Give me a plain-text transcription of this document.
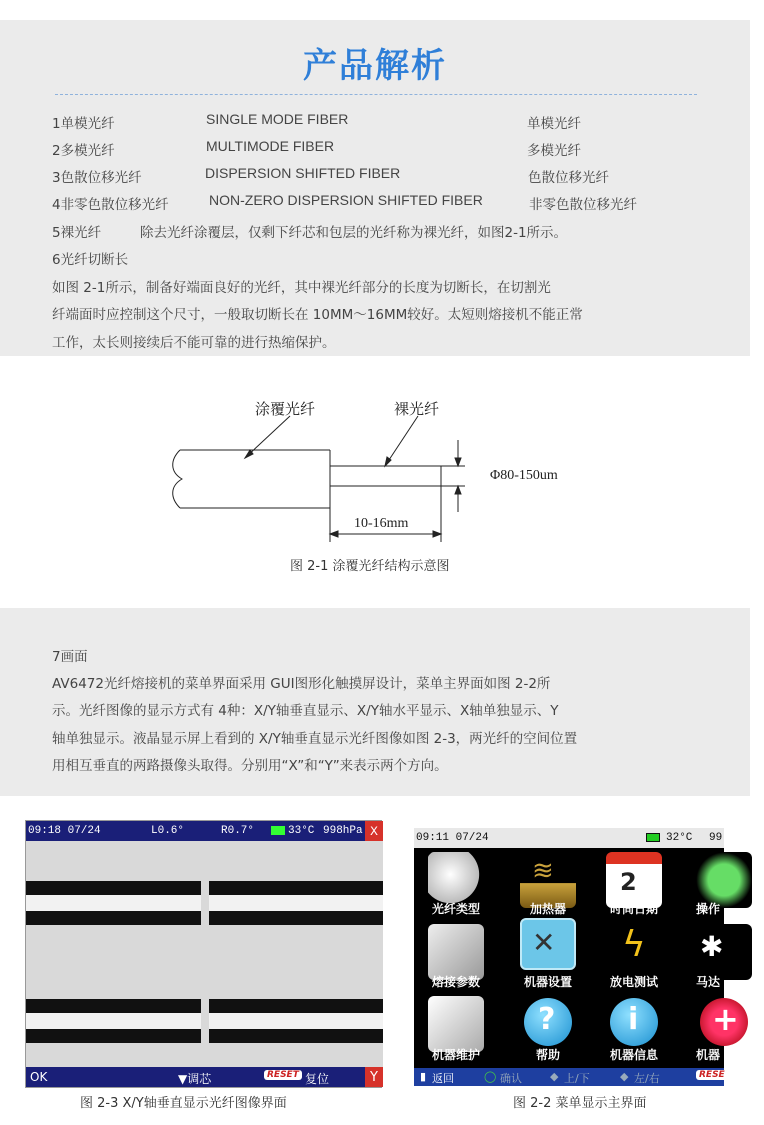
产品解析
1单模光纤	SINGLE MODE FIBER	单模光纤
2多模光纤	MULTIMODE FIBER	多模光纤
3色散位移光纤	DISPERSION SHIFTED FIBER	色散位移光纤
4非零色散位移光纤	NON-ZERO DISPERSION SHIFTED FIBER	非零色散位移光纤
5裸光纤	除去光纤涂覆层，仅剩下纤芯和包层的光纤称为裸光纤，如图2-1所示。
6光纤切断长
如图 2-1所示，制备好端面良好的光纤，其中裸光纤部分的长度为切断长，在切割光
纤端面时应控制这个尺寸，一般取切断长在 10MM～16MM较好。太短则熔接机不能正常
工作，太长则接续后不能可靠的进行热缩保护。
涂覆光纤	裸光纤
Φ80-150um
10-16mm
图 2-1 涂覆光纤结构示意图
7画面
AV6472光纤熔接机的菜单界面采用 GUI图形化触摸屏设计，菜单主界面如图 2-2所
示。光纤图像的显示方式有 4种：X/Y轴垂直显示、X/Y轴水平显示、X轴单独显示、Y
轴单独显示。液晶显示屏上看到的 X/Y轴垂直显示光纤图像如图 2-3，两光纤的空间位置
用相互垂直的两路摄像头取得。分别用“X”和“Y”来表示两个方向。
09:18 07/24	L0.6°	R0.7°	33°C 998hPa X
OK	▼调芯	RESET 复位	Y
图 2-3 X/Y轴垂直显示光纤图像界面
09:11 07/24	32°C 99
光纤类型
≋
加热器
2
时间日期	操作
熔接参数
✕
机器设置
ϟ
放电测试
✱
马达
机器维护
?
帮助
i
机器信息
+
机器
▮ 返回	◯ 确认	◆ 上/下	◆ 左/右	RESE
图 2-2 菜单显示主界面
